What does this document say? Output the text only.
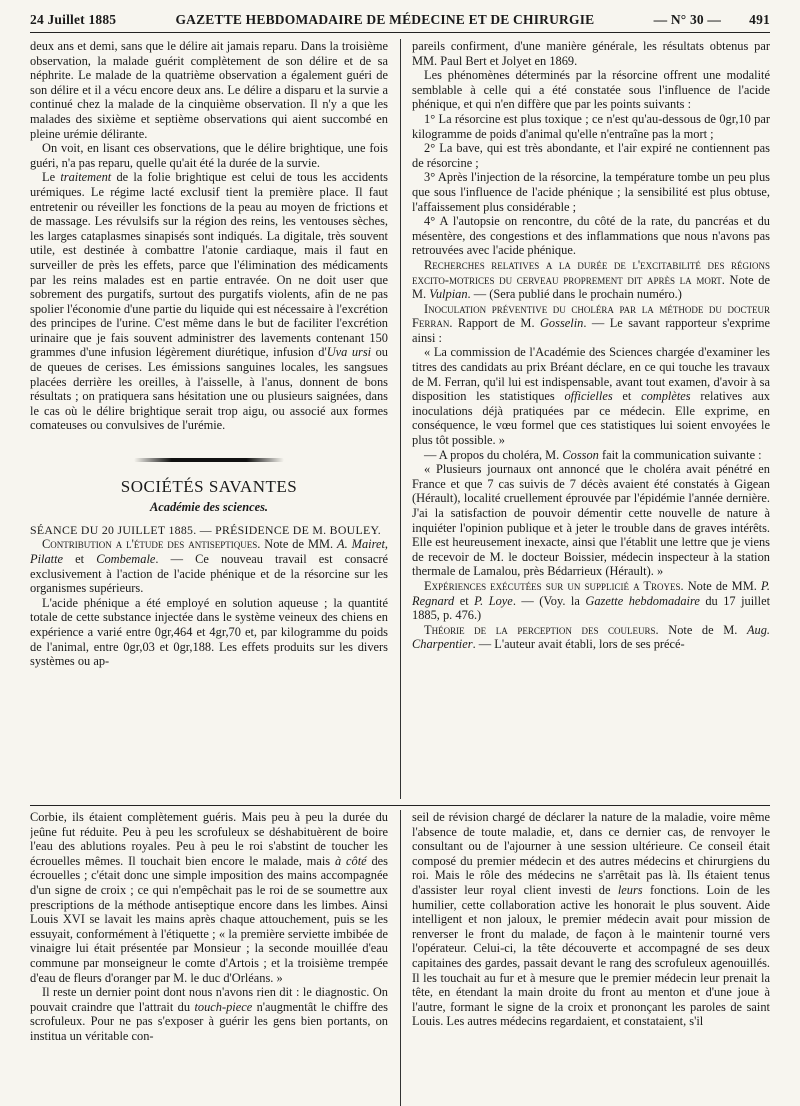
24 Juillet 1885	GAZETTE HEBDOMADAIRE DE MÉDECINE ET DE CHIRURGIE	— N° 30 — 491

deux ans et demi, sans que le délire ait jamais reparu. Dans la troisième observation, la malade guérit complètement de son délire et de sa néphrite. Le malade de la quatrième observation a également guéri de son délire et il a vécu encore deux ans. Le délire a disparu et la survie a continué chez la malade de la cinquième observation. Il n'y a que les malades des sixième et septième observations qui aient succombé en pleine urémie délirante.

On voit, en lisant ces observations, que le délire brightique, une fois guéri, n'a pas reparu, quelle qu'ait été la durée de la survie.

Le traitement de la folie brightique est celui de tous les accidents urémiques. Le régime lacté exclusif tient la première place. Il faut entretenir ou réveiller les fonctions de la peau au moyen de frictions et de massage. Les révulsifs sur la région des reins, les ventouses sèches, les larges cataplasmes sinapisés sont indiqués. La digitale, très souvent utile, est destinée à combattre l'atonie cardiaque, mais il faut en surveiller de près les effets, parce que l'élimination des médicaments par les reins malades est en partie entravée. On ne doit user que sobrement des purgatifs, surtout des purgatifs violents, afin de ne pas spolier l'économie d'une partie du liquide qui est nécessaire à l'excrétion des principes de l'urine. C'est même dans le but de faciliter l'excrétion urinaire que je fais souvent administrer des lavements contenant 150 grammes d'une infusion légèrement diurétique, infusion d'Uva ursi ou de queues de cerises. Les émissions sanguines locales, les sangsues placées derrière les oreilles, à l'aisselle, à l'anus, donnent de bons résultats ; on pratiquera sans hésitation une ou plusieurs saignées, dans le cas où le délire brightique serait trop aigu, ou associé aux formes comateuses ou convulsives de l'urémie.

SOCIÉTÉS SAVANTES
Académie des sciences.

SÉANCE DU 20 JUILLET 1885. — PRÉSIDENCE DE M. BOULEY.

Contribution a l'étude des antiseptiques. Note de MM. A. Mairet, Pilatte et Combemale. — Ce nouveau travail est consacré exclusivement à l'action de l'acide phénique et de la résorcine sur les organismes supérieurs.

L'acide phénique a été employé en solution aqueuse ; la quantité totale de cette substance injectée dans le système veineux des chiens en expérience a varié entre 0gr,464 et 4gr,70 et, par kilogramme du poids de l'animal, entre 0gr,03 et 0gr,188. Les effets produits sur les divers systèmes ou ap-

pareils confirment, d'une manière générale, les résultats obtenus par MM. Paul Bert et Jolyet en 1869.

Les phénomènes déterminés par la résorcine offrent une modalité semblable à celle qui a été constatée sous l'influence de l'acide phénique, et qui n'en diffère que par les points suivants :

1° La résorcine est plus toxique ; ce n'est qu'au-dessous de 0gr,10 par kilogramme de poids d'animal qu'elle n'entraîne pas la mort ;

2° La bave, qui est très abondante, et l'air expiré ne contiennent pas de résorcine ;

3° Après l'injection de la résorcine, la température tombe un peu plus que sous l'influence de l'acide phénique ; la sensibilité est plus obtuse, l'affaissement plus considérable ;

4° A l'autopsie on rencontre, du côté de la rate, du pancréas et du mésentère, des congestions et des inflammations que nous n'avons pas retrouvées avec l'acide phénique.

Recherches relatives a la durée de l'excitabilité des régions excito-motrices du cerveau proprement dit après la mort. Note de M. Vulpian. — (Sera publié dans le prochain numéro.)

Inoculation préventive du choléra par la méthode du docteur Ferran. Rapport de M. Gosselin. — Le savant rapporteur s'exprime ainsi :

« La commission de l'Académie des Sciences chargée d'examiner les titres des candidats au prix Bréant déclare, en ce qui touche les travaux de M. Ferran, qu'il lui est indispensable, avant tout examen, d'avoir à sa disposition les statistiques officielles et complètes relatives aux inoculations déjà pratiquées par ce médecin. Elle exprime, en conséquence, le vœu formel que ces statistiques lui soient envoyées le plus tôt possible. »

— A propos du choléra, M. Cosson fait la communication suivante :

« Plusieurs journaux ont annoncé que le choléra avait pénétré en France et que 7 cas suivis de 7 décès avaient été constatés à Gigean (Hérault), localité cruellement éprouvée par l'épidémie l'année dernière. J'ai la satisfaction de pouvoir démentir cette nouvelle de nature à inquiéter l'opinion publique et à jeter le trouble dans de graves intérêts. Elle est heureusement inexacte, ainsi que l'établit une lettre que je viens de recevoir de M. le docteur Boissier, médecin inspecteur à la station thermale de Lamalou, près Bédarrieux (Hérault). »

Expériences exécutées sur un supplicié a Troyes. Note de MM. P. Regnard et P. Loye. — (Voy. la Gazette hebdomadaire du 17 juillet 1885, p. 476.)

Théorie de la perception des couleurs. Note de M. Aug. Charpentier. — L'auteur avait établi, lors de ses précé-

Corbie, ils étaient complètement guéris. Mais peu à peu la durée du jeûne fut réduite. Peu à peu les scrofuleux se déshabituèrent de boire l'eau des ablutions royales. Peu à peu le roi s'abstint de toucher les écrouelles mêmes. Il touchait bien encore le malade, mais à côté des écrouelles ; c'était donc une simple imposition des mains accompagnée d'un signe de croix ; ce qui n'empêchait pas le roi de se soumettre aux prescriptions de la méthode antiseptique encore dans les limbes. Ainsi Louis XVI se lavait les mains après chaque attouchement, puis se les essuyait, conformément à l'étiquette ; « la première serviette imbibée de vinaigre lui était présentée par Monsieur ; la seconde mouillée d'eau commune par monseigneur le comte d'Artois ; et la troisième trempée d'eau de fleurs d'oranger par M. le duc d'Orléans. »

Il reste un dernier point dont nous n'avons rien dit : le diagnostic. On pouvait craindre que l'attrait du touch-piece n'augmentât le chiffre des scrofuleux. Pour ne pas s'exposer à guérir les gens bien portants, on institua un véritable con-

seil de révision chargé de déclarer la nature de la maladie, voire même l'absence de toute maladie, et, dans ce dernier cas, de renvoyer le consultant ou de l'ajourner à une session ultérieure. Ce conseil était composé du premier médecin et des autres médecins et chirurgiens du roi. Mais le rôle des médecins ne s'arrêtait pas là. Ils étaient tenus d'assister leur royal client investi de leurs fonctions. Loin de les humilier, cette collaboration active les honorait le plus souvent. Aide intelligent et non jaloux, le premier médecin avait pour mission de renverser le front du malade, de façon à le maintenir tourné vers l'opérateur. Celui-ci, la tête découverte et accompagné de ses deux capitaines des gardes, passait devant le rang des scrofuleux agenouillés. Il les touchait au fur et à mesure que le premier médecin leur prenait la tête, en étendant la main droite du front au menton et d'une joue à l'autre, formant le signe de la croix et prononçant les paroles de saint Louis. Les autres médecins regardaient, et constataient, s'il
